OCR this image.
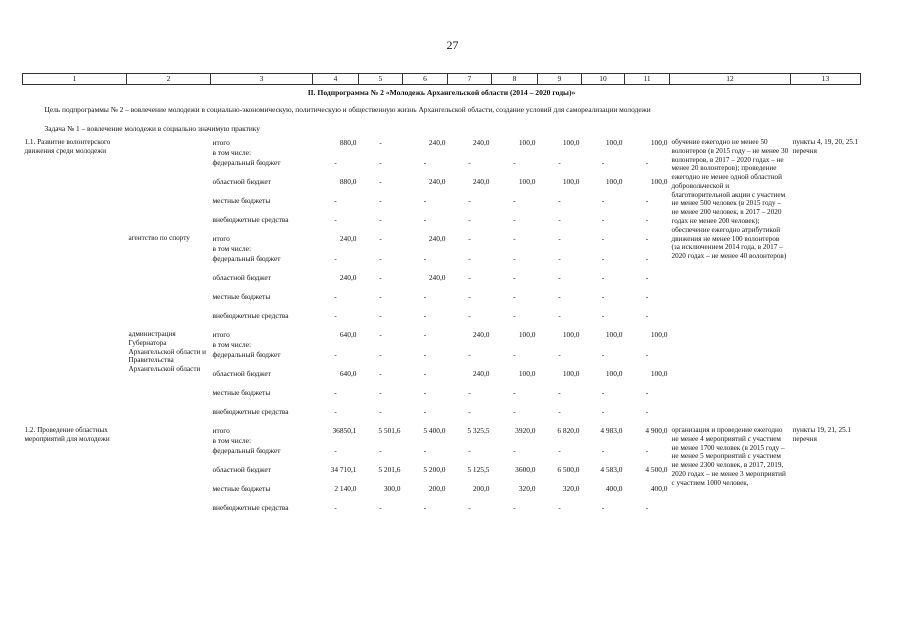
27
1	2	3	4	5	6	7	8	9	10	11	12	13
II. Подпрограмма № 2 «Молодежь Архангельской области (2014 – 2020 годы)»												
Цель подпрограммы № 2 – вовлечение молодежи в социально-экономическую, политическую и общественную жизнь Архангельской области, создание условий для самореализации молодежи												
Задача № 1 – вовлечение молодежи в социально значимую практику												
1.1. Развитие волонтерского движения среди молодежи		итого	880,0	-	240,0	240,0	100,0	100,0	100,0	100,0	обучение ежегодно не менее 50 волонтеров (в 2015 году – не менее 30 волонтеров, в 2017 – 2020 годах – не менее 20 волонтеров); проведение ежегодно не менее одной областной добровольческой и благотворительной акции с участием не менее 500 человек (в 2015 году – не менее 200 человек, в 2017 – 2020 годах не менее 200 человек); обеспечение ежегодно атрибутикой движения не менее 100 волонтеров (за исключением 2014 года, в 2017 – 2020 годах – не менее 40 волонтеров)	пункты 4, 19, 20, 25.1 перечня
		в том числе:										
		федеральный бюджет	-	-	-	-	-	-	-	-		
		областной бюджет	880,0	-	240,0	240,0	100,0	100,0	100,0	100,0		
		местные бюджеты	-	-	-	-	-	-	-	-		
		внебюджетные средства	-	-	-	-	-	-	-	-		
	агентство по спорту	итого	240,0	-	240,0	-	-	-	-	-		
		в том числе:										
		федеральный бюджет	-	-	-	-	-	-	-	-		
		областной бюджет	240,0	-	240,0	-	-	-	-	-		
		местные бюджеты	-	-	-	-	-	-	-	-		
		внебюджетные средства	-	-	-	-	-	-	-	-		
	администрация Губернатора Архангельской области и Правительства Архангельской области	итого	640,0	-	-	240,0	100,0	100,0	100,0	100,0		
		в том числе:										
		федеральный бюджет	-	-	-	-	-	-	-	-		
		областной бюджет	640,0	-	-	240,0	100,0	100,0	100,0	100,0		
		местные бюджеты	-	-	-	-	-	-	-	-		
		внебюджетные средства	-	-	-	-	-	-	-	-		
1.2. Проведение областных мероприятий для молодежи		итого	36850,1	5 501,6	5 400,0	5 325,5	3920,0	6 820,0	4 983,0	4 900,0	организация и проведение ежегодно не менее 4 мероприятий с участием не менее 1700 человек (в 2015 году – не менее 5 мероприятий с участием не менее 2300 человек, в 2017, 2019, 2020 годах – не менее 3 мероприятий с участием 1000 человек,	пункты 19, 21, 25.1 перечня
		в том числе:										
		федеральный бюджет	-	-	-	-	-	-	-	-		
		областной бюджет	34 710,1	5 201,6	5 200,0	5 125,5	3600,0	6 500,0	4 583,0	4 500,0		
		местные бюджеты	2 140,0	300,0	200,0	200,0	320,0	320,0	400,0	400,0		
		внебюджетные средства	-	-	-	-	-	-	-	-		
